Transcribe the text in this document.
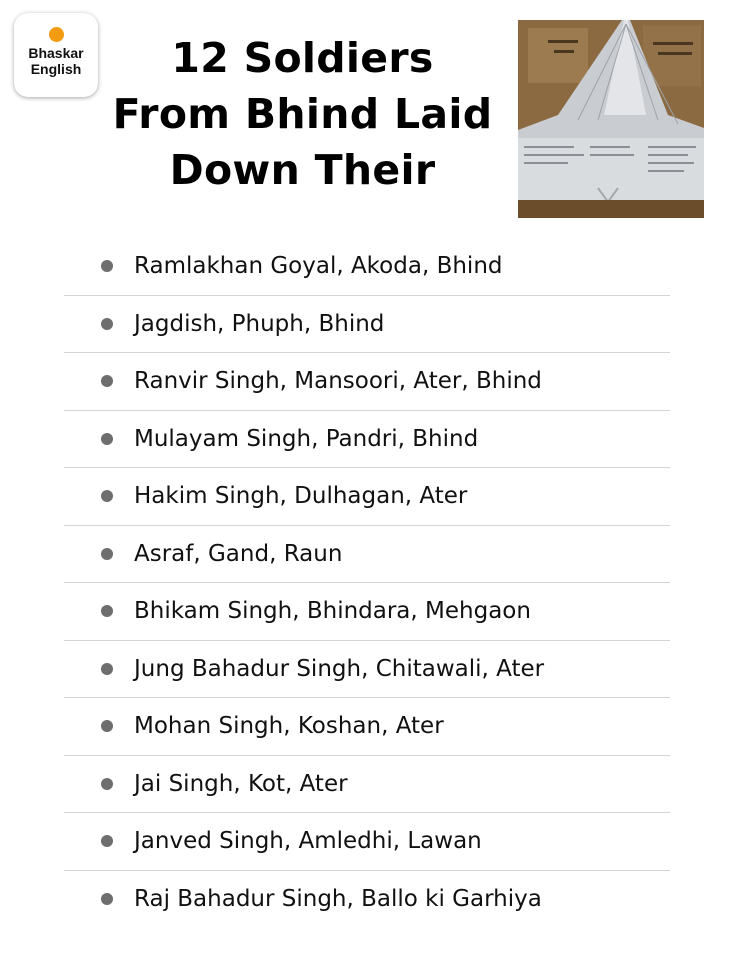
Bhaskar
English	12 Soldiers
From Bhind Laid
Down Their
Ramlakhan Goyal, Akoda, Bhind
Jagdish, Phuph, Bhind
Ranvir Singh, Mansoori, Ater, Bhind
Mulayam Singh, Pandri, Bhind
Hakim Singh, Dulhagan, Ater
Asraf, Gand, Raun
Bhikam Singh, Bhindara, Mehgaon
Jung Bahadur Singh, Chitawali, Ater
Mohan Singh, Koshan, Ater
Jai Singh, Kot, Ater
Janved Singh, Amledhi, Lawan
Raj Bahadur Singh, Ballo ki Garhiya
